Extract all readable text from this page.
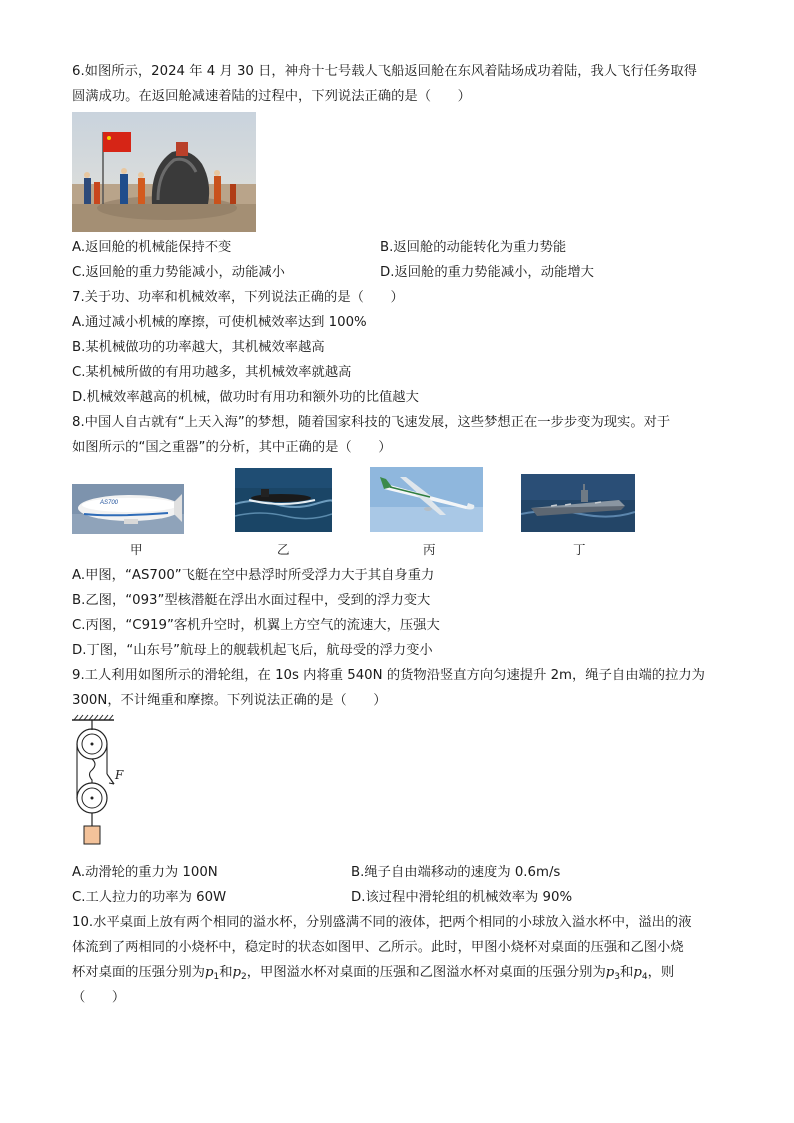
6.如图所示，2024 年 4 月 30 日，神舟十七号载人飞船返回舱在东风着陆场成功着陆，我人飞行任务取得
圆满成功。在返回舱减速着陆的过程中，下列说法正确的是（　　）
A.返回舱的机械能保持不变	B.返回舱的动能转化为重力势能
C.返回舱的重力势能减小，动能减小	D.返回舱的重力势能减小，动能增大
7.关于功、功率和机械效率，下列说法正确的是（　　）
A.通过减小机械的摩擦，可使机械效率达到 100%
B.某机械做功的功率越大，其机械效率越高
C.某机械所做的有用功越多，其机械效率就越高
D.机械效率越高的机械，做功时有用功和额外功的比值越大
8.中国人自古就有“上天入海”的梦想，随着国家科技的飞速发展，这些梦想正在一步步变为现实。对于
如图所示的“国之重器”的分析，其中正确的是（　　）
AS700
甲	乙	丙	丁
A.甲图，“AS700”飞艇在空中悬浮时所受浮力大于其自身重力
B.乙图，“093”型核潜艇在浮出水面过程中，受到的浮力变大
C.丙图，“C919”客机升空时，机翼上方空气的流速大，压强大
D.丁图，“山东号”航母上的舰载机起飞后，航母受的浮力变小
9.工人利用如图所示的滑轮组，在 10s 内将重 540N 的货物沿竖直方向匀速提升 2m，绳子自由端的拉力为
300N，不计绳重和摩擦。下列说法正确的是（　　）
F
A.动滑轮的重力为 100N	B.绳子自由端移动的速度为 0.6m/s
C.工人拉力的功率为 60W	D.该过程中滑轮组的机械效率为 90%
10.水平桌面上放有两个相同的溢水杯，分别盛满不同的液体，把两个相同的小球放入溢水杯中，溢出的液
体流到了两相同的小烧杯中，稳定时的状态如图甲、乙所示。此时，甲图小烧杯对桌面的压强和乙图小烧
杯对桌面的压强分别为$p_1$和$p_2$，甲图溢水杯对桌面的压强和乙图溢水杯对桌面的压强分别为$p_3$和$p_4$，则
（　　）
